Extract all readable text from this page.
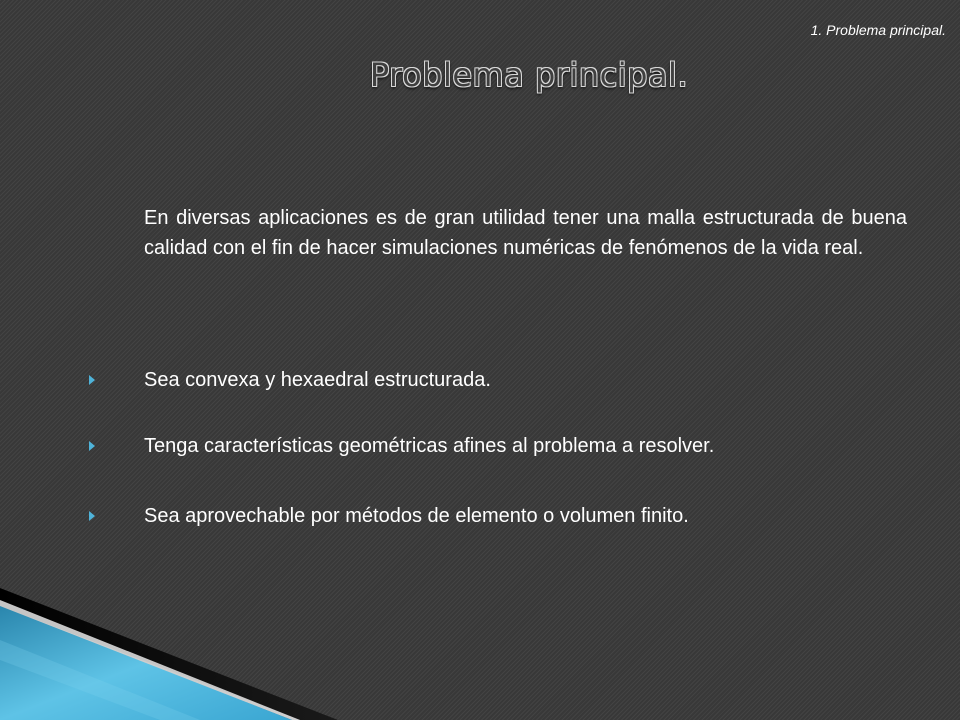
1. Problema principal.
Problema principal.
En diversas aplicaciones es de gran utilidad tener una malla estructurada de buena calidad con el fin de hacer simulaciones numéricas de fenómenos de la vida real.
Sea convexa y hexaedral estructurada.
Tenga características geométricas afines al problema a resolver.
Sea aprovechable por métodos de elemento o volumen finito.
